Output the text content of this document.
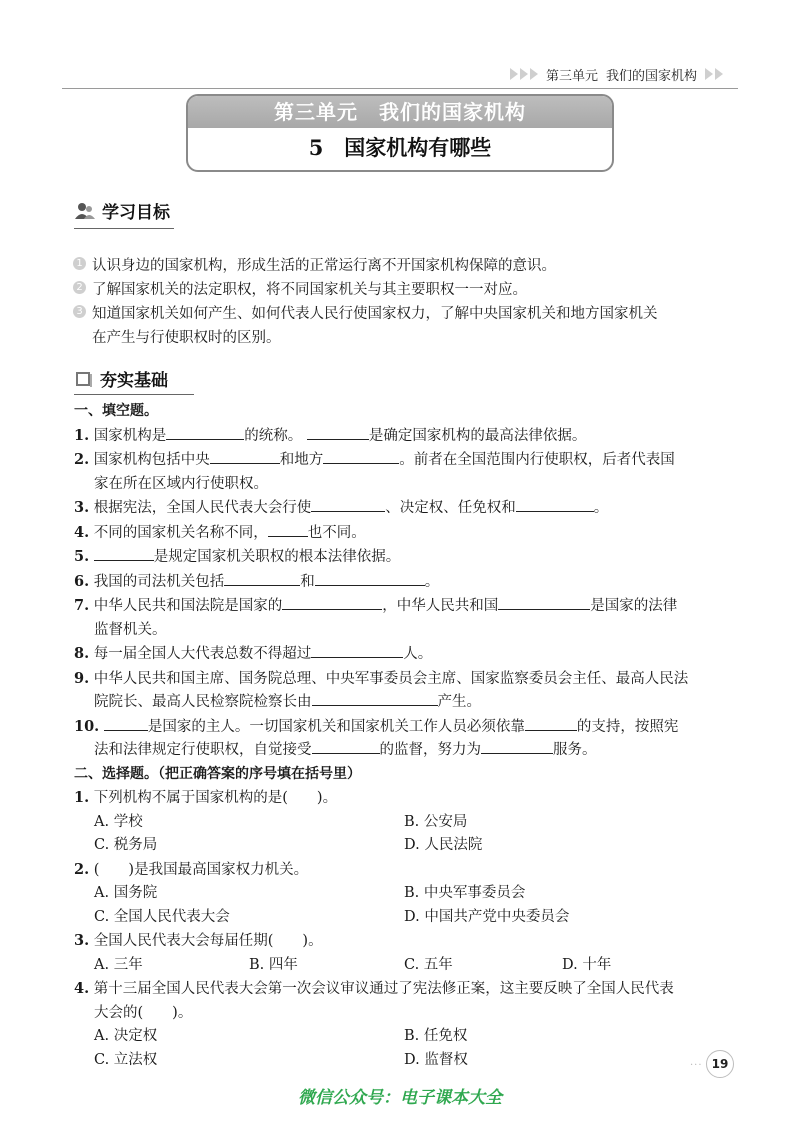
第三单元 我们的国家机构
第三单元　我们的国家机构
5　国家机构有哪些
学习目标
1 认识身边的国家机构，形成生活的正常运行离不开国家机构保障的意识。
2 了解国家机关的法定职权，将不同国家机关与其主要职权一一对应。
3 知道国家机关如何产生、如何代表人民行使国家权力，了解中央国家机关和地方国家机关
在产生与行使职权时的区别。
夯实基础
一、填空题。
1. 国家机构是	的统称。	是确定国家机构的最高法律依据。
2. 国家机构包括中央	和地方	。前者在全国范围内行使职权，后者代表国
家在所在区域内行使职权。
3. 根据宪法，全国人民代表大会行使	、决定权、任免权和	。
4. 不同的国家机关名称不同，	也不同。
5.	是规定国家机关职权的根本法律依据。
6. 我国的司法机关包括	和	。
7. 中华人民共和国法院是国家的	，中华人民共和国	是国家的法律
监督机关。
8. 每一届全国人大代表总数不得超过	人。
9. 中华人民共和国主席、国务院总理、中央军事委员会主席、国家监察委员会主任、最高人民法
院院长、最高人民检察院检察长由	产生。
10.	是国家的主人。一切国家机关和国家机关工作人员必须依靠	的支持，按照宪
法和法律规定行使职权，自觉接受	的监督，努力为	服务。
二、选择题。（把正确答案的序号填在括号里）
1. 下列机构不属于国家机构的是(　　)。
A. 学校	B. 公安局
C. 税务局	D. 人民法院
2. (　　)是我国最高国家权力机关。
A. 国务院	B. 中央军事委员会
C. 全国人民代表大会	D. 中国共产党中央委员会
3. 全国人民代表大会每届任期(　　)。
A. 三年	B. 四年	C. 五年	D. 十年
4. 第十三届全国人民代表大会第一次会议审议通过了宪法修正案，这主要反映了全国人民代表
大会的(　　)。
A. 决定权	B. 任免权
C. 立法权	D. 监督权	··· 19
微信公众号：电子课本大全
